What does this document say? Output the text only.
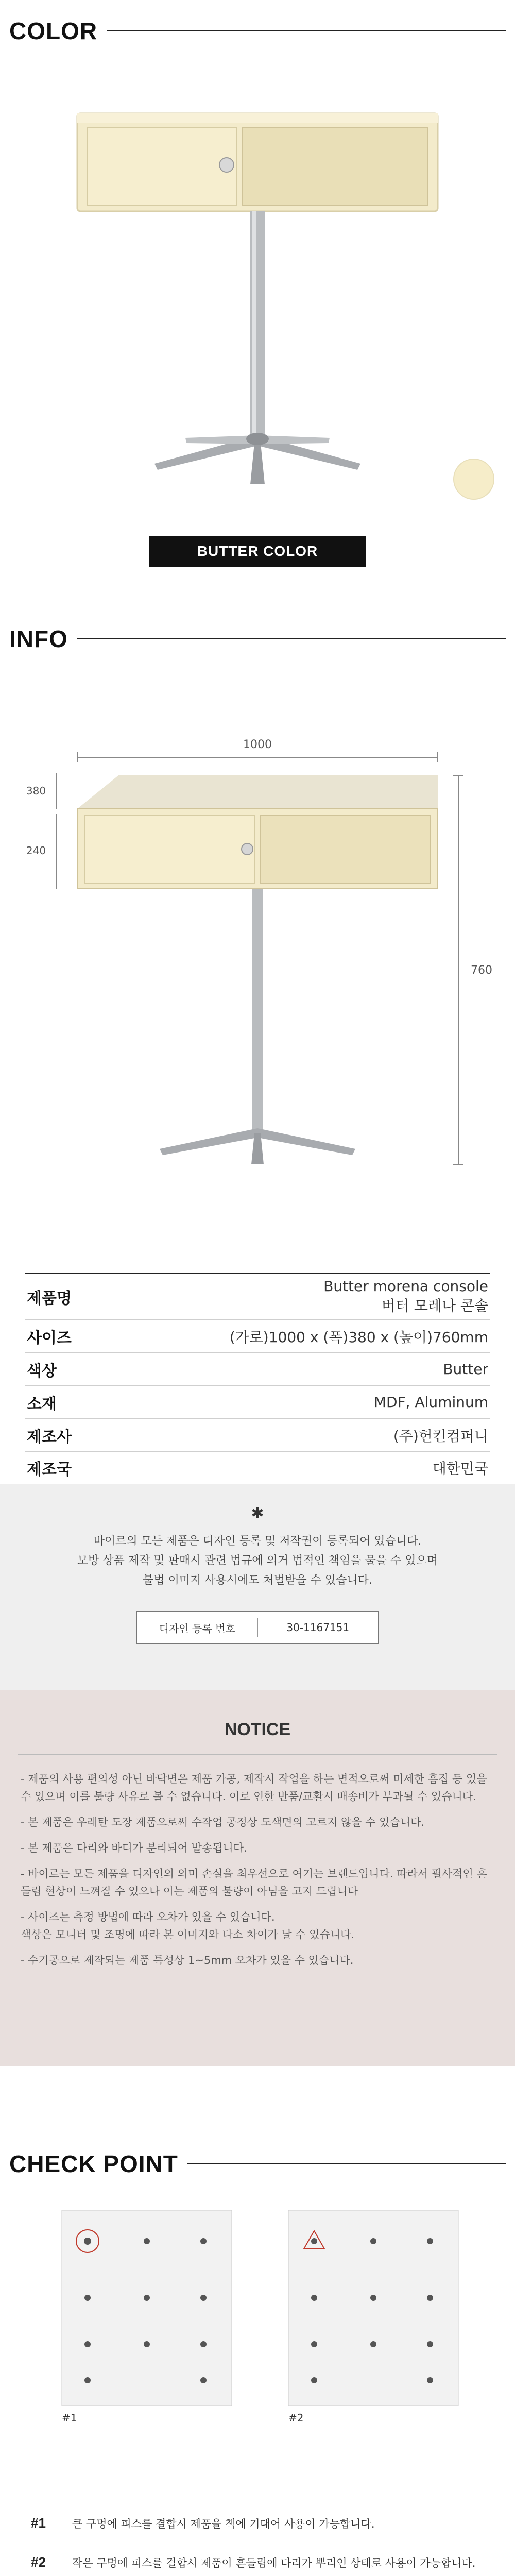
COLOR
BUTTER COLOR
INFO
1000
380
240
760
제품명
Butter morena console
버터 모레나 콘솔
사이즈	(가로)1000 x (폭)380 x (높이)760mm
색상	Butter
소재	MDF, Aluminum
제조사	(주)헌킨컴퍼니
제조국	대한민국
✱
바이르의 모든 제품은 디자인 등록 및 저작권이 등록되어 있습니다.
모방 상품 제작 및 판매시 관련 법규에 의거 법적인 책임을 물을 수 있으며
불법 이미지 사용시에도 처벌받을 수 있습니다.
디자인 등록 번호	30-1167151
NOTICE
- 제품의 사용 편의성 아닌 바닥면은 제품 가공, 제작시 작업을 하는 면적으로써 미세한 흠집 등 있을 수 있으며 이를 불량 사유로 볼 수 없습니다. 이로 인한 반품/교환시 배송비가 부과될 수 있습니다.
- 본 제품은 우레탄 도장 제품으로써 수작업 공정상 도색면의 고르지 않을 수 있습니다.
- 본 제품은 다리와 바디가 분리되어 발송됩니다.
- 바이르는 모든 제품을 디자인의 의미 손실을 최우선으로 여기는 브랜드입니다. 따라서 필사적인 흔들림 현상이 느껴질 수 있으나 이는 제품의 불량이 아님을 고지 드립니다
- 사이즈는 측정 방법에 따라 오차가 있을 수 있습니다.
색상은 모니터 및 조명에 따라 본 이미지와 다소 차이가 날 수 있습니다.
- 수기공으로 제작되는 제품 특성상 1~5mm 오차가 있을 수 있습니다.
CHECK POINT
#1	#2
#1	큰 구멍에 피스를 결합시 제품을 책에 기대어 사용이 가능합니다.
#2	작은 구멍에 피스를 결합시 제품이 흔들림에 다리가 뿌리인 상태로 사용이 가능합니다.
